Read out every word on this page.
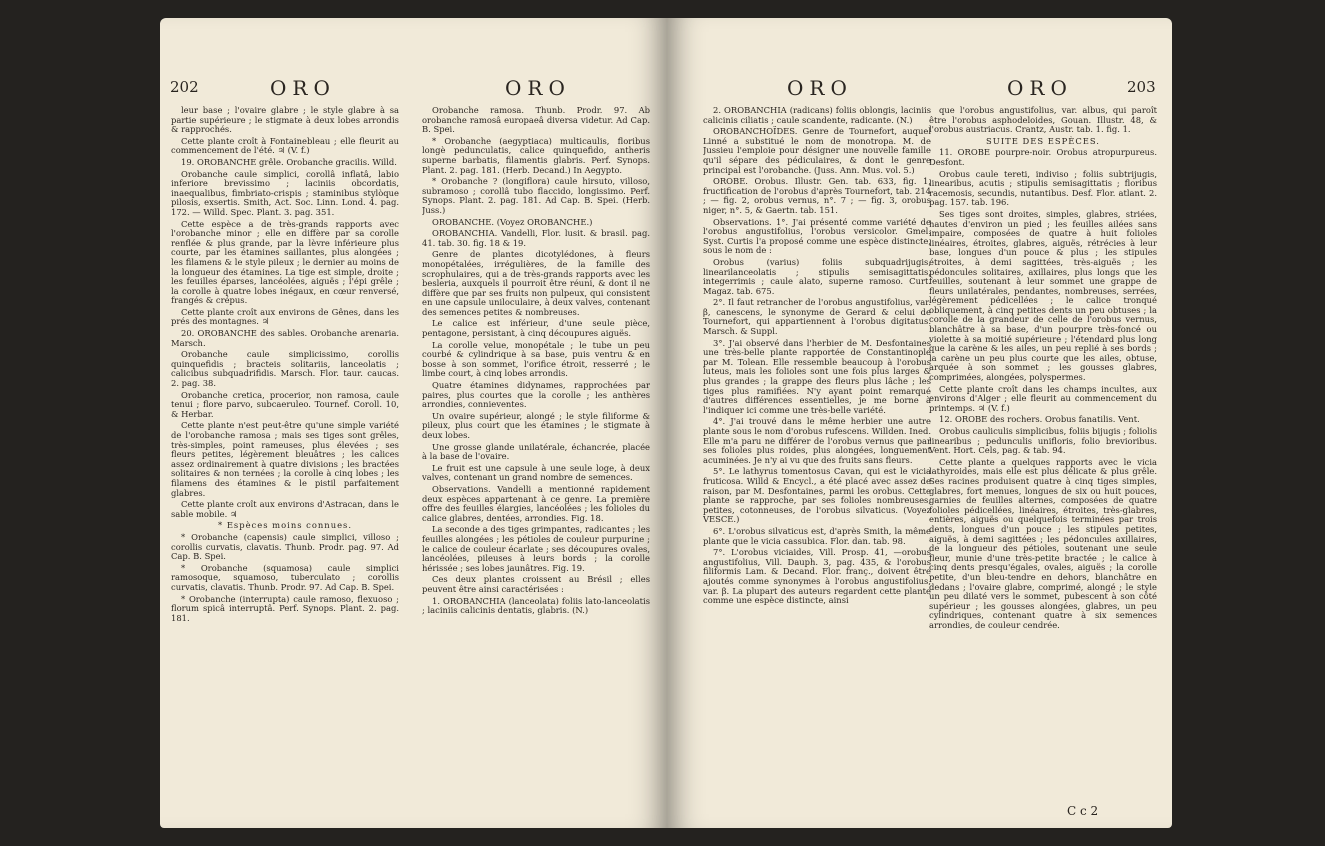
202	ORO	ORO

leur base ; l'ovaire glabre ; le style glabre à sa partie supérieure ; le stigmate à deux lobes arrondis & rapprochés.

Cette plante croît à Fontainebleau ; elle fleurit au commencement de l'été. ♃ (V. f.)

19. OROBANCHE grêle. Orobanche gracilis. Willd.

Orobanche caule simplici, corollâ inflatâ, labio inferiore brevissimo ; laciniis obcordatis, inaequalibus, fimbriato-crispis ; staminibus stylòque pilosis, exsertis. Smith, Act. Soc. Linn. Lond. 4. pag. 172. — Willd. Spec. Plant. 3. pag. 351.

Cette espèce a de très-grands rapports avec l'orobanche minor ; elle en diffère par sa corolle renflée & plus grande, par la lèvre inférieure plus courte, par les étamines saillantes, plus alongées ; les filamens & le style pileux ; le dernier au moins de la longueur des étamines. La tige est simple, droite ; les feuilles éparses, lancéolées, aiguës ; l'épi grêle ; la corolle à quatre lobes inégaux, en cœur renversé, frangés & crépus.

Cette plante croît aux environs de Gênes, dans les prés des montagnes. ♃

20. OROBANCHE des sables. Orobanche arenaria. Marsch.

Orobanche caule simplicissimo, corollis quinquefidis ; bracteis solitariis, lanceolatis ; calicibus subquadrifidis. Marsch. Flor. taur. caucas. 2. pag. 38.

Orobanche cretica, procerior, non ramosa, caule tenui ; flore parvo, subcaeruleo. Tournef. Coroll. 10, & Herbar.

Cette plante n'est peut-être qu'une simple variété de l'orobanche ramosa ; mais ses tiges sont grêles, très-simples, point rameuses, plus élevées ; ses fleurs petites, légèrement bleuâtres ; les calices assez ordinairement à quatre divisions ; les bractées solitaires & non ternées ; la corolle à cinq lobes ; les filamens des étamines & le pistil parfaitement glabres.

Cette plante croît aux environs d'Astracan, dans le sable mobile. ♃

* Espèces moins connues.

* Orobanche (capensis) caule simplici, villoso ; corollis curvatis, clavatis. Thunb. Prodr. pag. 97. Ad Cap. B. Spei.

* Orobanche (squamosa) caule simplici ramosoque, squamoso, tuberculato ; corollis curvatis, clavatis. Thunb. Prodr. 97. Ad Cap. B. Spei.

* Orobanche (interrupta) caule ramoso, flexuoso ; florum spicâ interruptâ. Perf. Synops. Plant. 2. pag. 181.

Orobanche ramosa. Thunb. Prodr. 97. Ab orobanche ramosâ europaeâ diversa videtur. Ad Cap. B. Spei.

* Orobanche (aegyptiaca) multicaulis, floribus longè pedunculatis, calice quinquefido, antheris superne barbatis, filamentis glabris. Perf. Synops. Plant. 2. pag. 181. (Herb. Decand.) In Aegypto.

* Orobanche ? (longiflora) caule hirsuto, villoso, subramoso ; corollâ tubo flaccido, longissimo. Perf. Synops. Plant. 2. pag. 181. Ad Cap. B. Spei. (Herb. Juss.)

OROBANCHE. (Voyez OROBANCHE.)

OROBANCHIA. Vandelli, Flor. lusit. & brasil. pag. 41. tab. 30. fig. 18 & 19.

Genre de plantes dicotylédones, à fleurs monopétalées, irrégulières, de la famille des scrophulaires, qui a de très-grands rapports avec les besleria, auxquels il pourroit être réuni, & dont il ne diffère que par ses fruits non pulpeux, qui consistent en une capsule uniloculaire, à deux valves, contenant des semences petites & nombreuses.

Le calice est inférieur, d'une seule pièce, pentagone, persistant, à cinq découpures aiguës.

La corolle velue, monopétale ; le tube un peu courbé & cylindrique à sa base, puis ventru & en bosse à son sommet, l'orifice étroit, resserré ; le limbe court, à cinq lobes arrondis.

Quatre étamines didynames, rapprochées par paires, plus courtes que la corolle ; les anthères arrondies, connieventes.

Un ovaire supérieur, alongé ; le style filiforme & pileux, plus court que les étamines ; le stigmate à deux lobes.

Une grosse glande unilatérale, échancrée, placée à la base de l'ovaire.

Le fruit est une capsule à une seule loge, à deux valves, contenant un grand nombre de semences.

Observations. Vandelli a mentionné rapidement deux espèces appartenant à ce genre. La première offre des feuilles élargies, lancéolées ; les folioles du calice glabres, dentées, arrondies. Fig. 18.

La seconde a des tiges grimpantes, radicantes ; les feuilles alongées ; les pétioles de couleur purpurine ; le calice de couleur écarlate ; ses découpures ovales, lancéolées, pileuses à leurs bords ; la corolle hérissée ; ses lobes jaunâtres. Fig. 19.

Ces deux plantes croissent au Brésil ; elles peuvent être ainsi caractérisées :

1. OROBANCHIA (lanceolata) foliis lato-lanceolatis ; laciniis calicinis dentatis, glabris. (N.)

ORO	ORO	203

2. OROBANCHIA (radicans) foliis oblongis, laciniis calicinis ciliatis ; caule scandente, radicante. (N.)

OROBANCHOÏDES. Genre de Tournefort, auquel Linné a substitué le nom de monotropa. M. de Jussieu l'emploie pour désigner une nouvelle famille qu'il sépare des pédiculaires, & dont le genre principal est l'orobanche. (Juss. Ann. Mus. vol. 5.)

OROBE. Orobus. Illustr. Gen. tab. 633, fig. 1, fructification de l'orobus d'après Tournefort, tab. 214 ; — fig. 2, orobus vernus, n°. 7 ; — fig. 3, orobus niger, n°. 5, & Gaertn. tab. 151.

Observations. 1°. J'ai présenté comme variété de l'orobus angustifolius, l'orobus versicolor. Gmel. Syst. Curtis l'a proposé comme une espèce distincte, sous le nom de :

Orobus (varius) foliis subquadrijugis, linearilanceolatis ; stipulis semisagittatis, integerrimis ; caule alato, superne ramoso. Curt. Magaz. tab. 675.

2°. Il faut retrancher de l'orobus angustifolius, var. β, canescens, le synonyme de Gerard & celui de Tournefort, qui appartiennent à l'orobus digitatus. Marsch. & Suppl.

3°. J'ai observé dans l'herbier de M. Desfontaines une très-belle plante rapportée de Constantinople par M. Tolean. Elle ressemble beaucoup à l'orobus luteus, mais les folioles sont une fois plus larges & plus grandes ; la grappe des fleurs plus lâche ; les tiges plus ramifiées. N'y ayant point remarqué d'autres différences essentielles, je me borne à l'indiquer ici comme une très-belle variété.

4°. J'ai trouvé dans le même herbier une autre plante sous le nom d'orobus rufescens. Willden. Ined. Elle m'a paru ne différer de l'orobus vernus que par ses folioles plus roides, plus alongées, longuement acuminées. Je n'y ai vu que des fruits sans fleurs.

5°. Le lathyrus tomentosus Cavan, qui est le vicia fruticosa. Willd & Encycl., a été placé avec assez de raison, par M. Desfontaines, parmi les orobus. Cette plante se rapproche, par ses folioles nombreuses, petites, cotonneuses, de l'orobus silvaticus. (Voyez VESCE.)

6°. L'orobus silvaticus est, d'après Smith, la même plante que le vicia cassubica. Flor. dan. tab. 98.

7°. L'orobus viciaides, Vill. Prosp. 41, —orobus angustifolius, Vill. Dauph. 3, pag. 435, & l'orobus filiformis Lam. & Decand. Flor. franç., doivent être ajoutés comme synonymes à l'orobus angustifolius, var. β. La plupart des auteurs regardent cette plante comme une espèce distincte, ainsi

que l'orobus angustifolius, var. albus, qui paroît être l'orobus asphodeloides, Gouan. Illustr. 48, & l'orobus austriacus. Crantz, Austr. tab. 1. fig. 1.

SUITE DES ESPÈCES.

11. OROBE pourpre-noir. Orobus atropurpureus. Desfont.

Orobus caule tereti, indiviso ; foliis subtrijugis, linearibus, acutis ; stipulis semisagittatis ; floribus racemosis, secundis, nutantibus. Desf. Flor. atlant. 2. pag. 157. tab. 196.

Ses tiges sont droites, simples, glabres, striées, hautes d'environ un pied ; les feuilles ailées sans impaire, composées de quatre à huit folioles linéaires, étroites, glabres, aiguës, rétrécies à leur base, longues d'un pouce & plus ; les stipules étroites, à demi sagittées, très-aiguës ; les pédoncules solitaires, axillaires, plus longs que les feuilles, soutenant à leur sommet une grappe de fleurs unilatérales, pendantes, nombreuses, serrées, légèrement pédicellées ; le calice tronqué obliquement, à cinq petites dents un peu obtuses ; la corolle de la grandeur de celle de l'orobus vernus, blanchâtre à sa base, d'un pourpre très-foncé ou violette à sa moitié supérieure ; l'étendard plus long que la carène & les ailes, un peu replié à ses bords ; la carène un peu plus courte que les ailes, obtuse, arquée à son sommet ; les gousses glabres, comprimées, alongées, polyspermes.

Cette plante croît dans les champs incultes, aux environs d'Alger ; elle fleurit au commencement du printemps. ♃ (V. f.)

12. OROBE des rochers. Orobus fanatilis. Vent.

Orobus cauliculis simplicibus, foliis bijugis ; foliolis linearibus ; pedunculis unifloris, folio brevioribus. Vent. Hort. Cels, pag. & tab. 94.

Cette plante a quelques rapports avec le vicia lathyroides, mais elle est plus délicate & plus grêle. Ses racines produisent quatre à cinq tiges simples, glabres, fort menues, longues de six ou huit pouces, garnies de feuilles alternes, composées de quatre folioles pédicellées, linéaires, étroites, très-glabres, entières, aiguës ou quelquefois terminées par trois dents, longues d'un pouce ; les stipules petites, aiguës, à demi sagittées ; les pédoncules axillaires, de la longueur des pétioles, soutenant une seule fleur, munie d'une très-petite bractée ; le calice à cinq dents presqu'égales, ovales, aiguës ; la corolle petite, d'un bleu-tendre en dehors, blanchâtre en dedans ; l'ovaire glabre, comprimé, alongé ; le style un peu dilaté vers le sommet, pubescent à son côté supérieur ; les gousses alongées, glabres, un peu cylindriques, contenant quatre à six semences arrondies, de couleur cendrée.

C c 2
